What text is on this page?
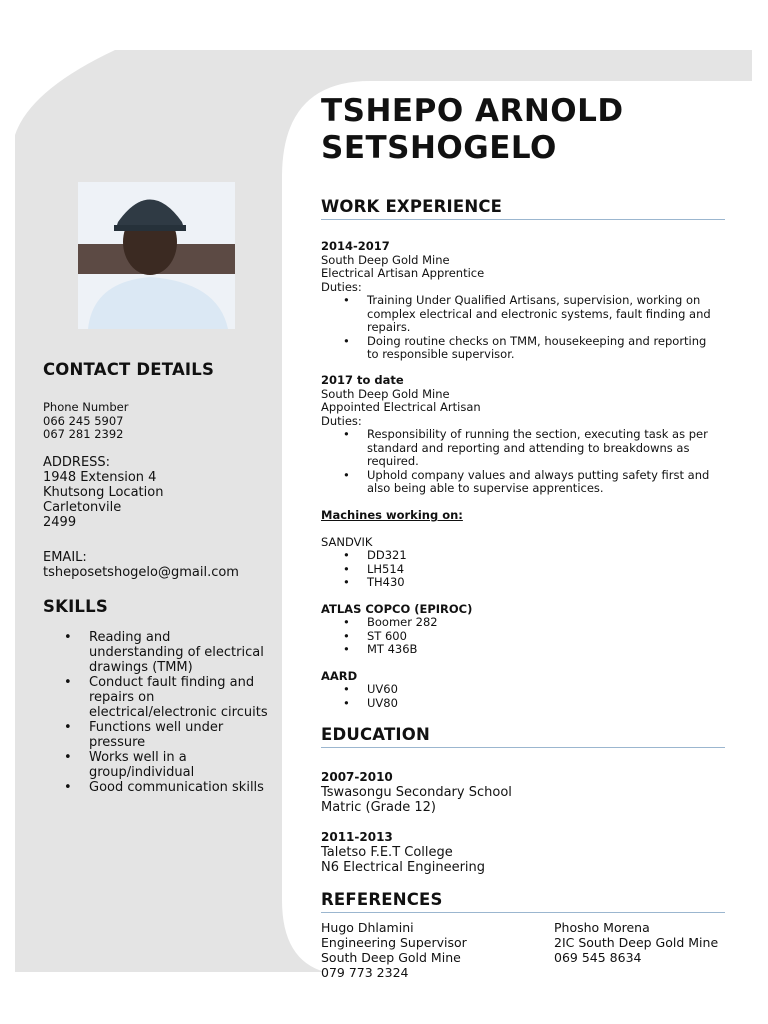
CONTACT DETAILS
Phone Number
066 245 5907
067 281 2392
ADDRESS:
1948 Extension 4
Khutsong Location
Carletonvile
2499
EMAIL:
tsheposetshogelo@gmail.com
SKILLS
• Reading and understanding of electrical drawings (TMM)
• Conduct fault finding and repairs on electrical/electronic circuits
• Functions well under pressure
• Works well in a group/individual
• Good communication skills
TSHEPO ARNOLD
SETSHOGELO
WORK EXPERIENCE
2014-2017
South Deep Gold Mine
Electrical Artisan Apprentice
Duties:
• Training Under Qualified Artisans, supervision, working on complex electrical and electronic systems, fault finding and repairs.
• Doing routine checks on TMM, housekeeping and reporting to responsible supervisor.
2017 to date
South Deep Gold Mine
Appointed Electrical Artisan
Duties:
• Responsibility of running the section, executing task as per standard and reporting and attending to breakdowns as required.
• Uphold company values and always putting safety first and also being able to supervise apprentices.
Machines working on:
SANDVIK
• DD321
• LH514
• TH430
ATLAS COPCO (EPIROC)
• Boomer 282
• ST 600
• MT 436B
AARD
• UV60
• UV80
EDUCATION
2007-2010
Tswasongu Secondary School
Matric (Grade 12)
2011-2013
Taletso F.E.T College
N6 Electrical Engineering
REFERENCES
Hugo Dhlamini
Engineering Supervisor
South Deep Gold Mine
079 773 2324
Phosho Morena
2IC South Deep Gold Mine
069 545 8634
